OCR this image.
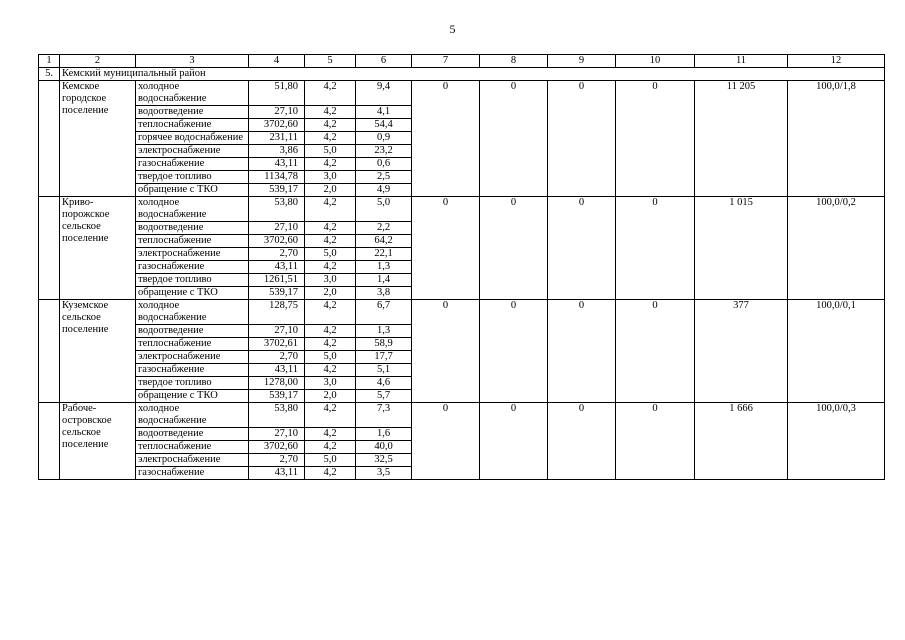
5
1	2	3	4	5	6	7	8	9	10	11	12
5.	Кемский муниципальный район										
	Кемское городское поселение	холодное водоснабжение	51,80	4,2	9,4	0	0	0	0	11 205	100,0/1,8
		водоотведение	27,10	4,2	4,1						
		теплоснабжение	3702,60	4,2	54,4						
		горячее водоснабжение	231,11	4,2	0,9						
		электроснабжение	3,86	5,0	23,2						
		газоснабжение	43,11	4,2	0,6						
		твердое топливо	1134,78	3,0	2,5						
		обращение с ТКО	539,17	2,0	4,9						
	Криво-порожское сельское поселение	холодное водоснабжение	53,80	4,2	5,0	0	0	0	0	1 015	100,0/0,2
		водоотведение	27,10	4,2	2,2						
		теплоснабжение	3702,60	4,2	64,2						
		электроснабжение	2,70	5,0	22,1						
		газоснабжение	43,11	4,2	1,3						
		твердое топливо	1261,51	3,0	1,4						
		обращение с ТКО	539,17	2,0	3,8						
	Куземское сельское поселение	холодное водоснабжение	128,75	4,2	6,7	0	0	0	0	377	100,0/0,1
		водоотведение	27,10	4,2	1,3						
		теплоснабжение	3702,61	4,2	58,9						
		электроснабжение	2,70	5,0	17,7						
		газоснабжение	43,11	4,2	5,1						
		твердое топливо	1278,00	3,0	4,6						
		обращение с ТКО	539,17	2,0	5,7						
	Рабоче-островское сельское поселение	холодное водоснабжение	53,80	4,2	7,3	0	0	0	0	1 666	100,0/0,3
		водоотведение	27,10	4,2	1,6						
		теплоснабжение	3702,60	4,2	40,0						
		электроснабжение	2,70	5,0	32,5						
		газоснабжение	43,11	4,2	3,5						
